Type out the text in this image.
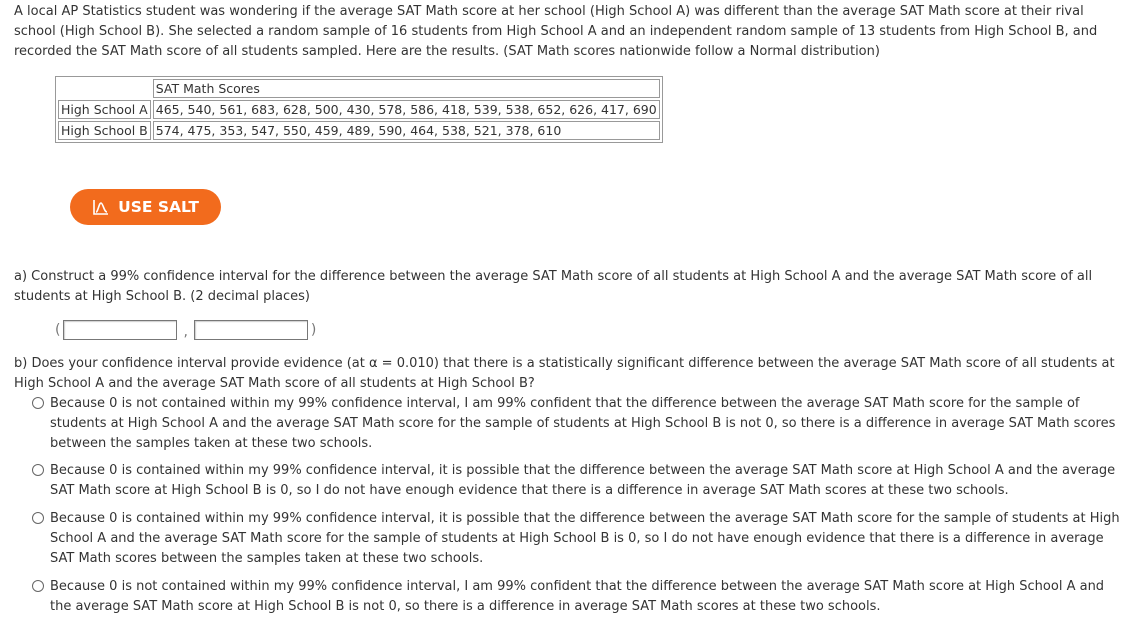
A local AP Statistics student was wondering if the average SAT Math score at her school (High School A) was different than the average SAT Math score at their rival school (High School B). She selected a random sample of 16 students from High School A and an independent random sample of 13 students from High School B, and recorded the SAT Math score of all students sampled. Here are the results. (SAT Math scores nationwide follow a Normal distribution)

	SAT Math Scores
High School A	465, 540, 561, 683, 628, 500, 430, 578, 586, 418, 539, 538, 652, 626, 417, 690
High School B	574, 475, 353, 547, 550, 459, 489, 590, 464, 538, 521, 378, 610
USE SALT

a) Construct a 99% confidence interval for the difference between the average SAT Math score of all students at High School A and the average SAT Math score of all students at High School B. (2 decimal places)

(	,	)

b) Does your confidence interval provide evidence (at α = 0.010) that there is a statistically significant difference between the average SAT Math score of all students at High School A and the average SAT Math score of all students at High School B?

Because 0 is not contained within my 99% confidence interval, I am 99% confident that the difference between the average SAT Math score for the sample of students at High School A and the average SAT Math score for the sample of students at High School B is not 0, so there is a difference in average SAT Math scores between the samples taken at these two schools.
Because 0 is contained within my 99% confidence interval, it is possible that the difference between the average SAT Math score at High School A and the average SAT Math score at High School B is 0, so I do not have enough evidence that there is a difference in average SAT Math scores at these two schools.
Because 0 is contained within my 99% confidence interval, it is possible that the difference between the average SAT Math score for the sample of students at High School A and the average SAT Math score for the sample of students at High School B is 0, so I do not have enough evidence that there is a difference in average SAT Math scores between the samples taken at these two schools.
Because 0 is not contained within my 99% confidence interval, I am 99% confident that the difference between the average SAT Math score at High School A and the average SAT Math score at High School B is not 0, so there is a difference in average SAT Math scores at these two schools.
